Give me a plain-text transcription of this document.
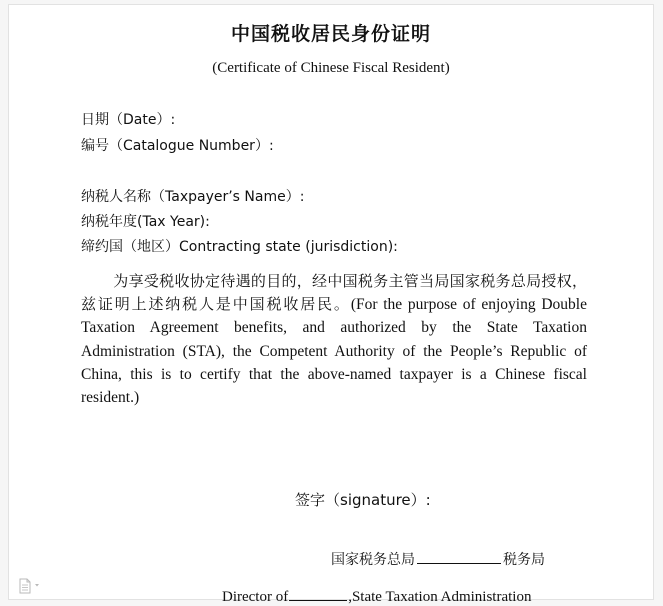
中国税收居民身份证明
(Certificate of Chinese Fiscal Resident)
日期（Date）:
编号（Catalogue Number）:
纳税人名称（Taxpayer’s Name）:
纳税年度(Tax Year):
缔约国（地区）Contracting state (jurisdiction):

为享受税收协定待遇的目的，经中国税务主管当局国家税务总局授权，兹证明上述纳税人是中国税收居民。(For the purpose of enjoying Double Taxation Agreement benefits, and authorized by the State Taxation Administration (STA), the Competent Authority of the People’s Republic of China, this is to certify that the above-named taxpayer is a Chinese fiscal resident.)

签字（signature）:
国家税务总局	税务局
Director of	,State Taxation Administration
